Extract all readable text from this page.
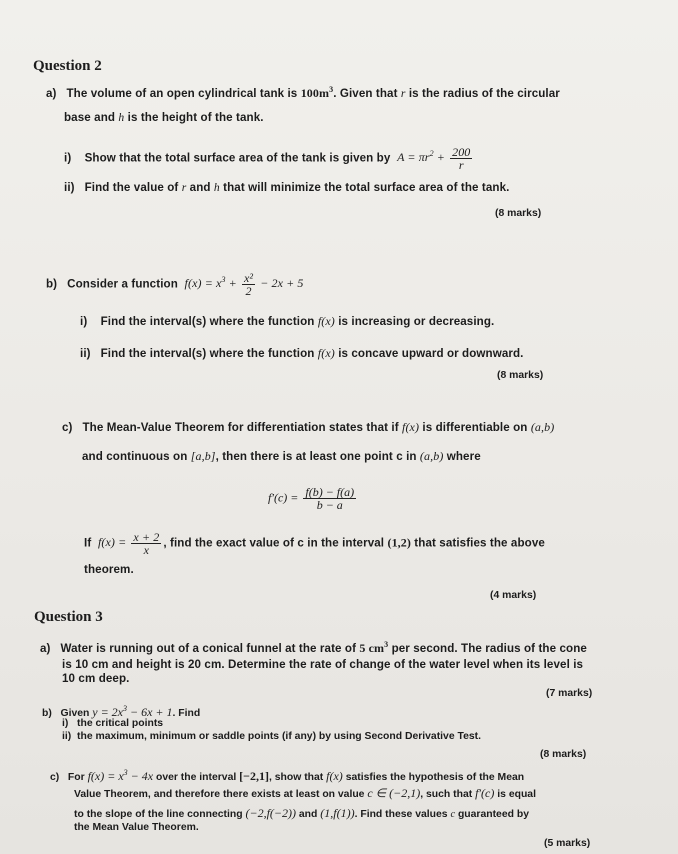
Question 2
a) The volume of an open cylindrical tank is $100m^3$. Given that r is the radius of the circular
base and h is the height of the tank.
i) Show that the total surface area of the tank is given by $A = \pi r^2 + \frac{200}{r}$
ii) Find the value of r and h that will minimize the total surface area of the tank.
(8 marks)
b) Consider a function $f(x) = x^3 + \frac{\text{x²}}{2} - 2x + 5$
i) Find the interval(s) where the function f(x) is increasing or decreasing.
ii) Find the interval(s) where the function f(x) is concave upward or downward.
(8 marks)
c) The Mean-Value Theorem for differentiation states that if f(x) is differentiable on (a,b)
and continuous on [a,b], then there is at least one point c in (a,b) where
$f'(c) = \frac{f(b) - f(a)}{b - a}$
If $f(x) = \frac{x + 2}{x}$ , find the exact value of c in the interval (1,2) that satisfies the above
theorem.
(4 marks)
Question 3
a) Water is running out of a conical funnel at the rate of 5 $cm^3$ per second. The radius of the cone
is 10 cm and height is 20 cm. Determine the rate of change of the water level when its level is
10 cm deep.
(7 marks)
b) Given $y = 2x^3 - 6x + 1$. Find
i) the critical points
ii) the maximum, minimum or saddle points (if any) by using Second Derivative Test.
(8 marks)
c) For $f(x) = x^3 - 4x$ over the interval [−2,1], show that f(x) satisfies the hypothesis of the Mean
Value Theorem, and therefore there exists at least on value c ∈ (−2,1), such that f′(c) is equal
to the slope of the line connecting (−2,f(−2)) and (1,f(1)). Find these values c guaranteed by
the Mean Value Theorem.
(5 marks)
